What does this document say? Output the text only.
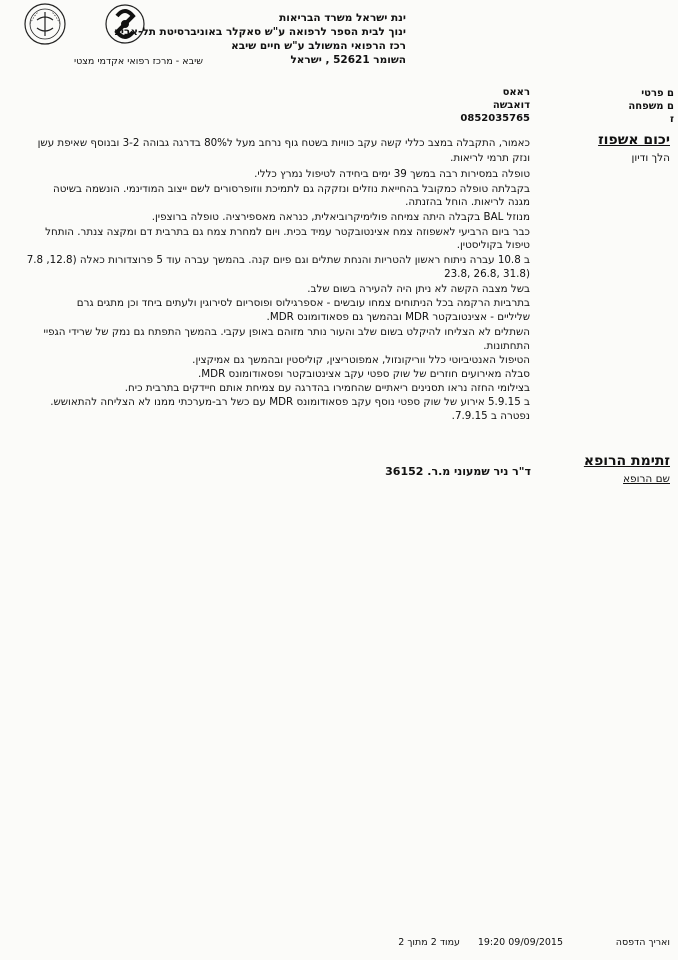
שיבא - מרכז רפואי אקדמי מצטי
ינת ישראל משרד הבריאות
ינוך לבית הספר לרפואה ע"ש סאקלר באוניברסיטת תל-אביב
רכז הרפואי המשולב ע"ש חיים שיבא
השומר 52621 , ישראל
ם פרטי
ם משפחה
ז
ראאס
דואבשה
0852035765
יכום אשפוז
הלך ודיון
כאמור, התקבלה במצב כללי קשה עקב כוויות בשטח גוף נרחב מעל ל80% בדרגה גבוהה 3-2 ובנוסף שאיפת עשן
ונזק תרמי לריאות.
טופלה במסירות רבה במשך 39 ימים ביחידה לטיפול נמרץ כללי.
בקבלתה טופלה כמקובל בהחייאת נוזלים ונזקקה גם לתמיכת ווזופרסורים לשם ייצוב המודינמי. הונשמה בשיטה
מגנה לריאות. הוחל בהזנתה.
מנוזל BAL בקבלה היתה צמיחה פולימיקרוביאלית, כנראה מאספירציה. טופלה ברוצפין.
כבר ביום הרביעי לאשפוזה צמח אצינטובקטר עמיד בכית. ויום למחרת צמח גם בתרבית דם ומקצה צנתר. הותחל
טיפול בקוליסטין.
ב 10.8 עברה ניתוח ראשון להטריות והנחת שתלים וגם פיום קנה. בהמשך עברה עוד 5 פרוצדורות כאלה (12.8, 7.8
(31.8 ,26.8 ,23.8
בשל מצבה הקשה לא ניתן היה להעירה בשום שלב.
בתרביות הרקמה בכל הניתוחים צמחו עובשים - אספרגילוס ופוסריום לסירוגין ולעתים ביחד וכן מתגים גרם
שליליים - אצינטובקטר MDR ובהמשך גם פסאודומונס MDR.
השתלים לא הצליחו להיקלט בשום שלב והעור נותר מזוהם באופן עקבי. בהמשך התפתח גם נמק של שרידי הגפיי
התחתונות.
הטיפול האנטיביוטי כלל ווריקונזול, אמפוטריצין, קוליסטין ובהמשך גם אמיקצין.
סבלה מאירועים חוזרים של שוק ספטי עקב אצינטובקטר ופסאודומונס MDR.
בצילומי החזה נראו תסנינים ריאתיים שהחמירו בהדרגה עם צמיחת אותם חיידקים בתרבית כיח.
ב 5.9.15 אירוע של שוק ספטי נוסף עקב פסאודומונס MDR עם כשל רב-מערכתי ממנו לא הצליחה להתאושש.
נפטרה ב 7.9.15.
זתימת הרופא
שם הרופא
ד"ר ניר שמעוני מ.ר. 36152
ואריך הדפסה
19:20 09/09/2015
עמוד 2 מתוך 2
